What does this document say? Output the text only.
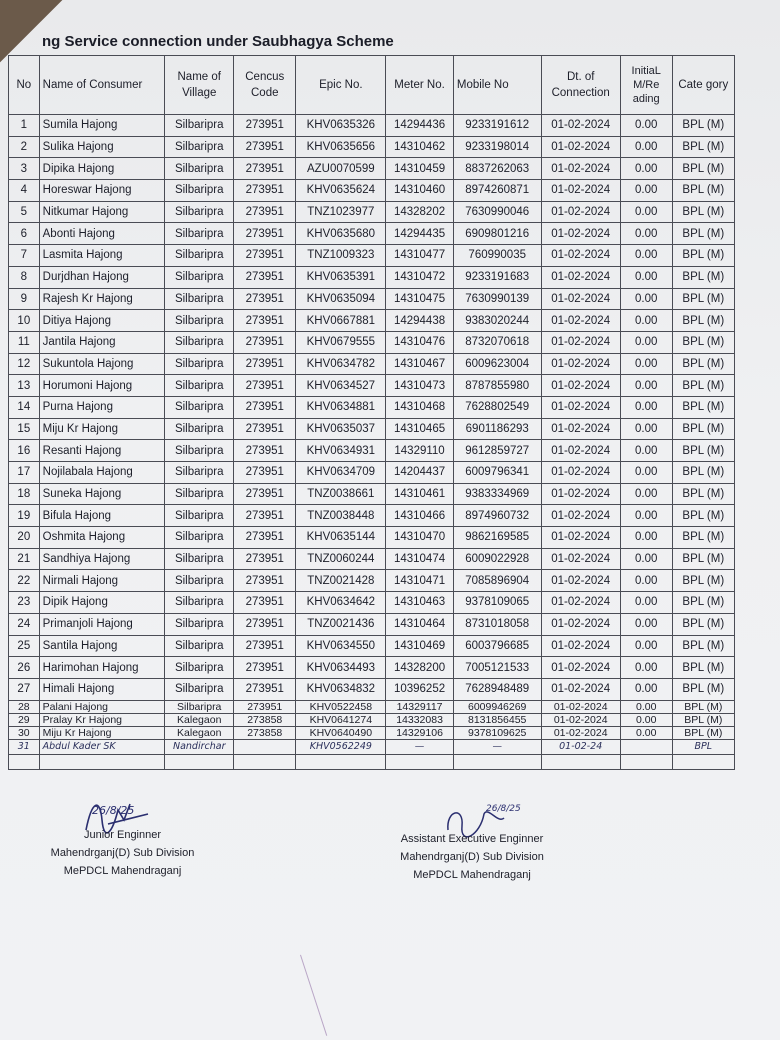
ng Service connection under Saubhagya Scheme
No	Name of Consumer	Name of Village	Cencus Code	Epic No.	Meter No.	Mobile No	Dt. of Connection	InitiaL M/Re ading	Cate gory
1	Sumila Hajong	Silbaripra	273951	KHV0635326	14294436	9233191612	01-02-2024	0.00	BPL (M)
2	Sulika Hajong	Silbaripra	273951	KHV0635656	14310462	9233198014	01-02-2024	0.00	BPL (M)
3	Dipika Hajong	Silbaripra	273951	AZU0070599	14310459	8837262063	01-02-2024	0.00	BPL (M)
4	Horeswar Hajong	Silbaripra	273951	KHV0635624	14310460	8974260871	01-02-2024	0.00	BPL (M)
5	Nitkumar Hajong	Silbaripra	273951	TNZ1023977	14328202	7630990046	01-02-2024	0.00	BPL (M)
6	Abonti Hajong	Silbaripra	273951	KHV0635680	14294435	6909801216	01-02-2024	0.00	BPL (M)
7	Lasmita Hajong	Silbaripra	273951	TNZ1009323	14310477	760990035	01-02-2024	0.00	BPL (M)
8	Durjdhan Hajong	Silbaripra	273951	KHV0635391	14310472	9233191683	01-02-2024	0.00	BPL (M)
9	Rajesh Kr Hajong	Silbaripra	273951	KHV0635094	14310475	7630990139	01-02-2024	0.00	BPL (M)
10	Ditiya Hajong	Silbaripra	273951	KHV0667881	14294438	9383020244	01-02-2024	0.00	BPL (M)
11	Jantila Hajong	Silbaripra	273951	KHV0679555	14310476	8732070618	01-02-2024	0.00	BPL (M)
12	Sukuntola Hajong	Silbaripra	273951	KHV0634782	14310467	6009623004	01-02-2024	0.00	BPL (M)
13	Horumoni Hajong	Silbaripra	273951	KHV0634527	14310473	8787855980	01-02-2024	0.00	BPL (M)
14	Purna Hajong	Silbaripra	273951	KHV0634881	14310468	7628802549	01-02-2024	0.00	BPL (M)
15	Miju Kr Hajong	Silbaripra	273951	KHV0635037	14310465	6901186293	01-02-2024	0.00	BPL (M)
16	Resanti Hajong	Silbaripra	273951	KHV0634931	14329110	9612859727	01-02-2024	0.00	BPL (M)
17	Nojilabala Hajong	Silbaripra	273951	KHV0634709	14204437	6009796341	01-02-2024	0.00	BPL (M)
18	Suneka Hajong	Silbaripra	273951	TNZ0038661	14310461	9383334969	01-02-2024	0.00	BPL (M)
19	Bifula Hajong	Silbaripra	273951	TNZ0038448	14310466	8974960732	01-02-2024	0.00	BPL (M)
20	Oshmita Hajong	Silbaripra	273951	KHV0635144	14310470	9862169585	01-02-2024	0.00	BPL (M)
21	Sandhiya Hajong	Silbaripra	273951	TNZ0060244	14310474	6009022928	01-02-2024	0.00	BPL (M)
22	Nirmali Hajong	Silbaripra	273951	TNZ0021428	14310471	7085896904	01-02-2024	0.00	BPL (M)
23	Dipik Hajong	Silbaripra	273951	KHV0634642	14310463	9378109065	01-02-2024	0.00	BPL (M)
24	Primanjoli Hajong	Silbaripra	273951	TNZ0021436	14310464	8731018058	01-02-2024	0.00	BPL (M)
25	Santila Hajong	Silbaripra	273951	KHV0634550	14310469	6003796685	01-02-2024	0.00	BPL (M)
26	Harimohan Hajong	Silbaripra	273951	KHV0634493	14328200	7005121533	01-02-2024	0.00	BPL (M)
27	Himali Hajong	Silbaripra	273951	KHV0634832	10396252	7628948489	01-02-2024	0.00	BPL (M)
28	Palani Hajong	Silbaripra	273951	KHV0522458	14329117	6009946269	01-02-2024	0.00	BPL (M)
29	Pralay Kr Hajong	Kalegaon	273858	KHV0641274	14332083	8131856455	01-02-2024	0.00	BPL (M)
30	Miju Kr Hajong	Kalegaon	273858	KHV0640490	14329106	9378109625	01-02-2024	0.00	BPL (M)
31	Abdul Kader SK	Nandirchar		KHV0562249	—	—	01-02-24		BPL

26/8/25
Junior Enginner
Mahendrganj(D) Sub Division
MePDCL Mahendraganj
26/8/25
Assistant Executive Enginner
Mahendrganj(D) Sub Division
MePDCL Mahendraganj
